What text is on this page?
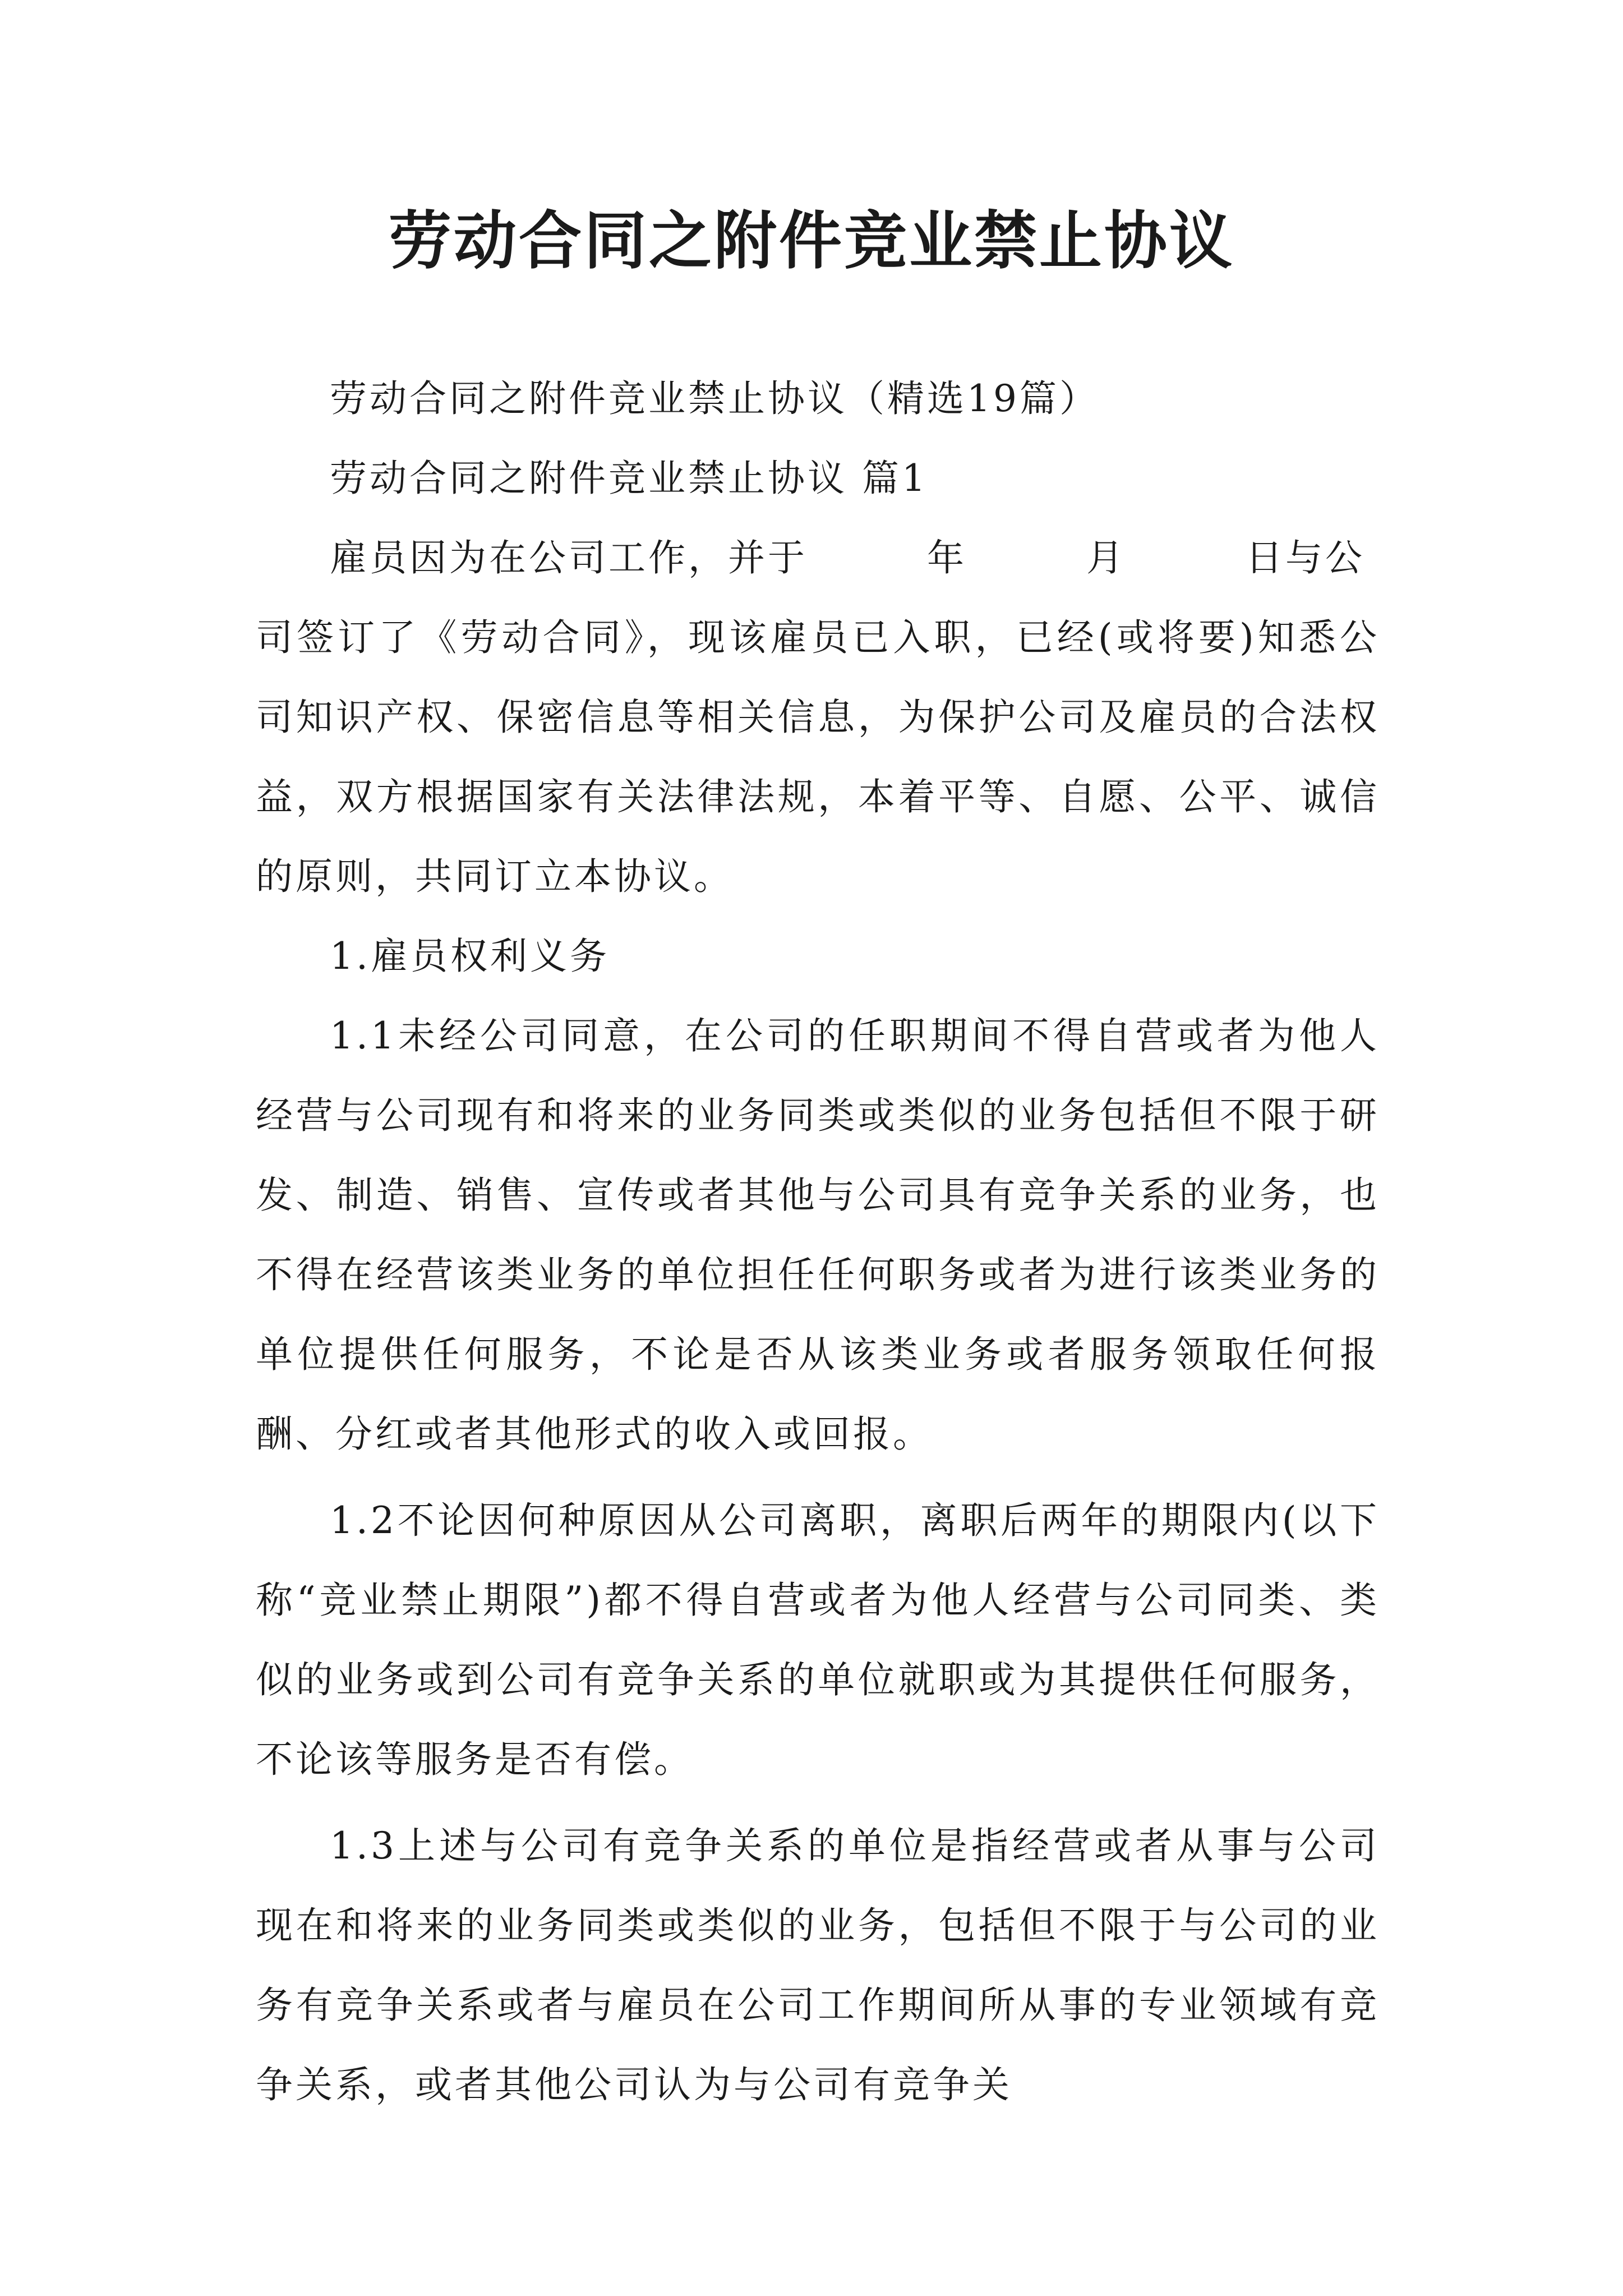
劳动合同之附件竞业禁止协议

劳动合同之附件竞业禁止协议（精选19篇）

劳动合同之附件竞业禁止协议 篇1

雇员因为在公司工作，并于　　　年　　　月　　　日与公

司签订了《劳动合同》，现该雇员已入职，已经(或将要)知悉公司知识产权、保密信息等相关信息，为保护公司及雇员的合法权益，双方根据国家有关法律法规，本着平等、自愿、公平、诚信的原则，共同订立本协议。

1.雇员权利义务

1.1未经公司同意，在公司的任职期间不得自营或者为他人经营与公司现有和将来的业务同类或类似的业务包括但不限于研发、制造、销售、宣传或者其他与公司具有竞争关系的业务，也不得在经营该类业务的单位担任任何职务或者为进行该类业务的单位提供任何服务，不论是否从该类业务或者服务领取任何报酬、分红或者其他形式的收入或回报。

1.2不论因何种原因从公司离职，离职后两年的期限内(以下称“竞业禁止期限”)都不得自营或者为他人经营与公司同类、类似的业务或到公司有竞争关系的单位就职或为其提供任何服务，不论该等服务是否有偿。

1.3上述与公司有竞争关系的单位是指经营或者从事与公司现在和将来的业务同类或类似的业务，包括但不限于与公司的业务有竞争关系或者与雇员在公司工作期间所从事的专业领域有竞争关系，或者其他公司认为与公司有竞争关
